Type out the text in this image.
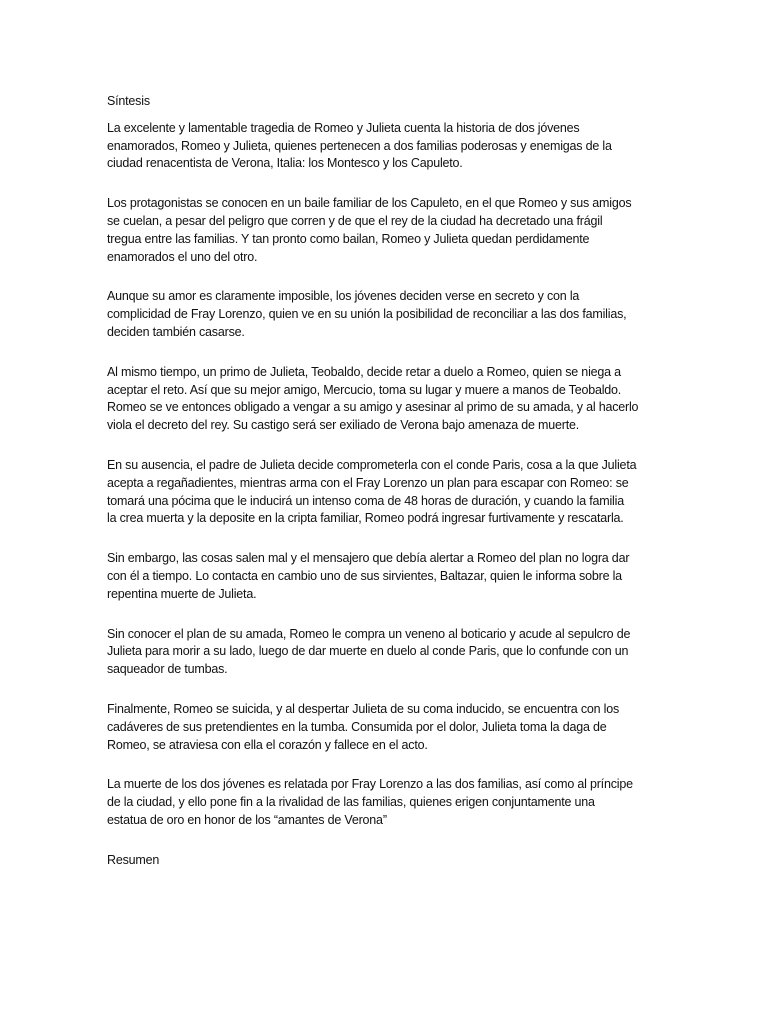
Síntesis

La excelente y lamentable tragedia de Romeo y Julieta cuenta la historia de dos jóvenes
enamorados, Romeo y Julieta, quienes pertenecen a dos familias poderosas y enemigas de la
ciudad renacentista de Verona, Italia: los Montesco y los Capuleto.

Los protagonistas se conocen en un baile familiar de los Capuleto, en el que Romeo y sus amigos
se cuelan, a pesar del peligro que corren y de que el rey de la ciudad ha decretado una frágil
tregua entre las familias. Y tan pronto como bailan, Romeo y Julieta quedan perdidamente
enamorados el uno del otro.

Aunque su amor es claramente imposible, los jóvenes deciden verse en secreto y con la
complicidad de Fray Lorenzo, quien ve en su unión la posibilidad de reconciliar a las dos familias,
deciden también casarse.

Al mismo tiempo, un primo de Julieta, Teobaldo, decide retar a duelo a Romeo, quien se niega a
aceptar el reto. Así que su mejor amigo, Mercucio, toma su lugar y muere a manos de Teobaldo.
Romeo se ve entonces obligado a vengar a su amigo y asesinar al primo de su amada, y al hacerlo
viola el decreto del rey. Su castigo será ser exiliado de Verona bajo amenaza de muerte.

En su ausencia, el padre de Julieta decide comprometerla con el conde Paris, cosa a la que Julieta
acepta a regañadientes, mientras arma con el Fray Lorenzo un plan para escapar con Romeo: se
tomará una pócima que le inducirá un intenso coma de 48 horas de duración, y cuando la familia
la crea muerta y la deposite en la cripta familiar, Romeo podrá ingresar furtivamente y rescatarla.

Sin embargo, las cosas salen mal y el mensajero que debía alertar a Romeo del plan no logra dar
con él a tiempo. Lo contacta en cambio uno de sus sirvientes, Baltazar, quien le informa sobre la
repentina muerte de Julieta.

Sin conocer el plan de su amada, Romeo le compra un veneno al boticario y acude al sepulcro de
Julieta para morir a su lado, luego de dar muerte en duelo al conde Paris, que lo confunde con un
saqueador de tumbas.

Finalmente, Romeo se suicida, y al despertar Julieta de su coma inducido, se encuentra con los
cadáveres de sus pretendientes en la tumba. Consumida por el dolor, Julieta toma la daga de
Romeo, se atraviesa con ella el corazón y fallece en el acto.

La muerte de los dos jóvenes es relatada por Fray Lorenzo a las dos familias, así como al príncipe
de la ciudad, y ello pone fin a la rivalidad de las familias, quienes erigen conjuntamente una
estatua de oro en honor de los “amantes de Verona”

Resumen
